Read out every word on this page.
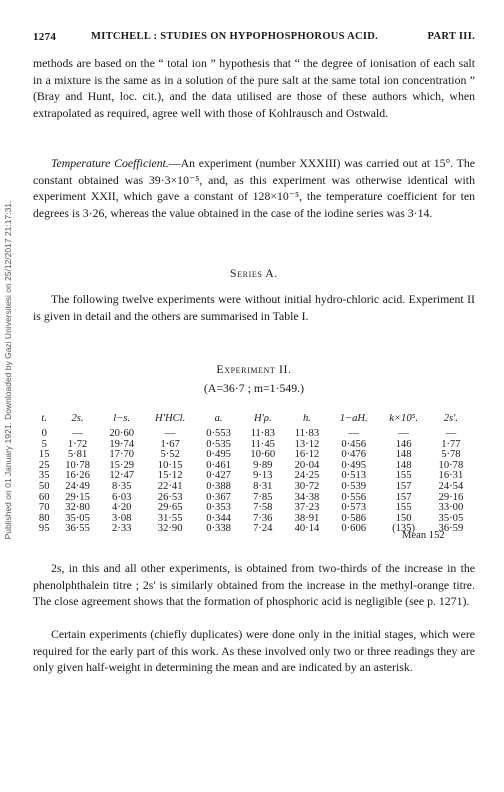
Published on 01 January 1921. Downloaded by Gazi Universitesi on 25/12/2017 21:17:31.
1274	MITCHELL : STUDIES ON HYPOPHOSPHOROUS ACID.	PART III.

methods are based on the “ total ion ” hypothesis that “ the degree of ionisation of each salt in a mixture is the same as in a solution of the pure salt at the same total ion concentration ” (Bray and Hunt, loc. cit.), and the data utilised are those of these authors which, when extrapolated as required, agree well with those of Kohlrausch and Ostwald.

Temperature Coefficient.—An experiment (number XXXIII) was carried out at 15°. The constant obtained was 39·3×10⁻⁵, and, as this experiment was otherwise identical with experiment XXII, which gave a constant of 128×10⁻⁵, the temperature coefficient for ten degrees is 3·26, whereas the value obtained in the case of the iodine series was 3·14.

Series A.

The following twelve experiments were without initial hydro-chloric acid. Experiment II is given in detail and the others are summarised in Table I.

Experiment II.
(A=36·7 ; m=1·549.)
t.	2s.	l−s.	H'HCl.	a.	H'ρ.	h.	1−aH.	k×10⁵.	2s'.
0	—	20·60	—	0·553	11·83	11·83	—	—	—
5	1·72	19·74	1·67	0·535	11·45	13·12	0·456	146	1·77
15	5·81	17·70	5·52	0·495	10·60	16·12	0·476	148	5·78
25	10·78	15·29	10·15	0·461	9·89	20·04	0·495	148	10·78
35	16·26	12·47	15·12	0·427	9·13	24·25	0·513	155	16·31
50	24·49	8·35	22·41	0·388	8·31	30·72	0·539	157	24·54
60	29·15	6·03	26·53	0·367	7·85	34·38	0·556	157	29·16
70	32·80	4·20	29·65	0·353	7·58	37·23	0·573	155	33·00
80	35·05	3·08	31·55	0·344	7·36	38·91	0·586	150	35·05
95	36·55	2·33	32·90	0·338	7·24	40·14	0·606	(135)	36·59
Mean 152

2s, in this and all other experiments, is obtained from two-thirds of the increase in the phenolphthalein titre ; 2s' is similarly obtained from the increase in the methyl-orange titre. The close agreement shows that the formation of phosphoric acid is negligible (see p. 1271).

Certain experiments (chiefly duplicates) were done only in the initial stages, which were required for the early part of this work. As these involved only two or three readings they are only given half-weight in determining the mean and are indicated by an asterisk.
